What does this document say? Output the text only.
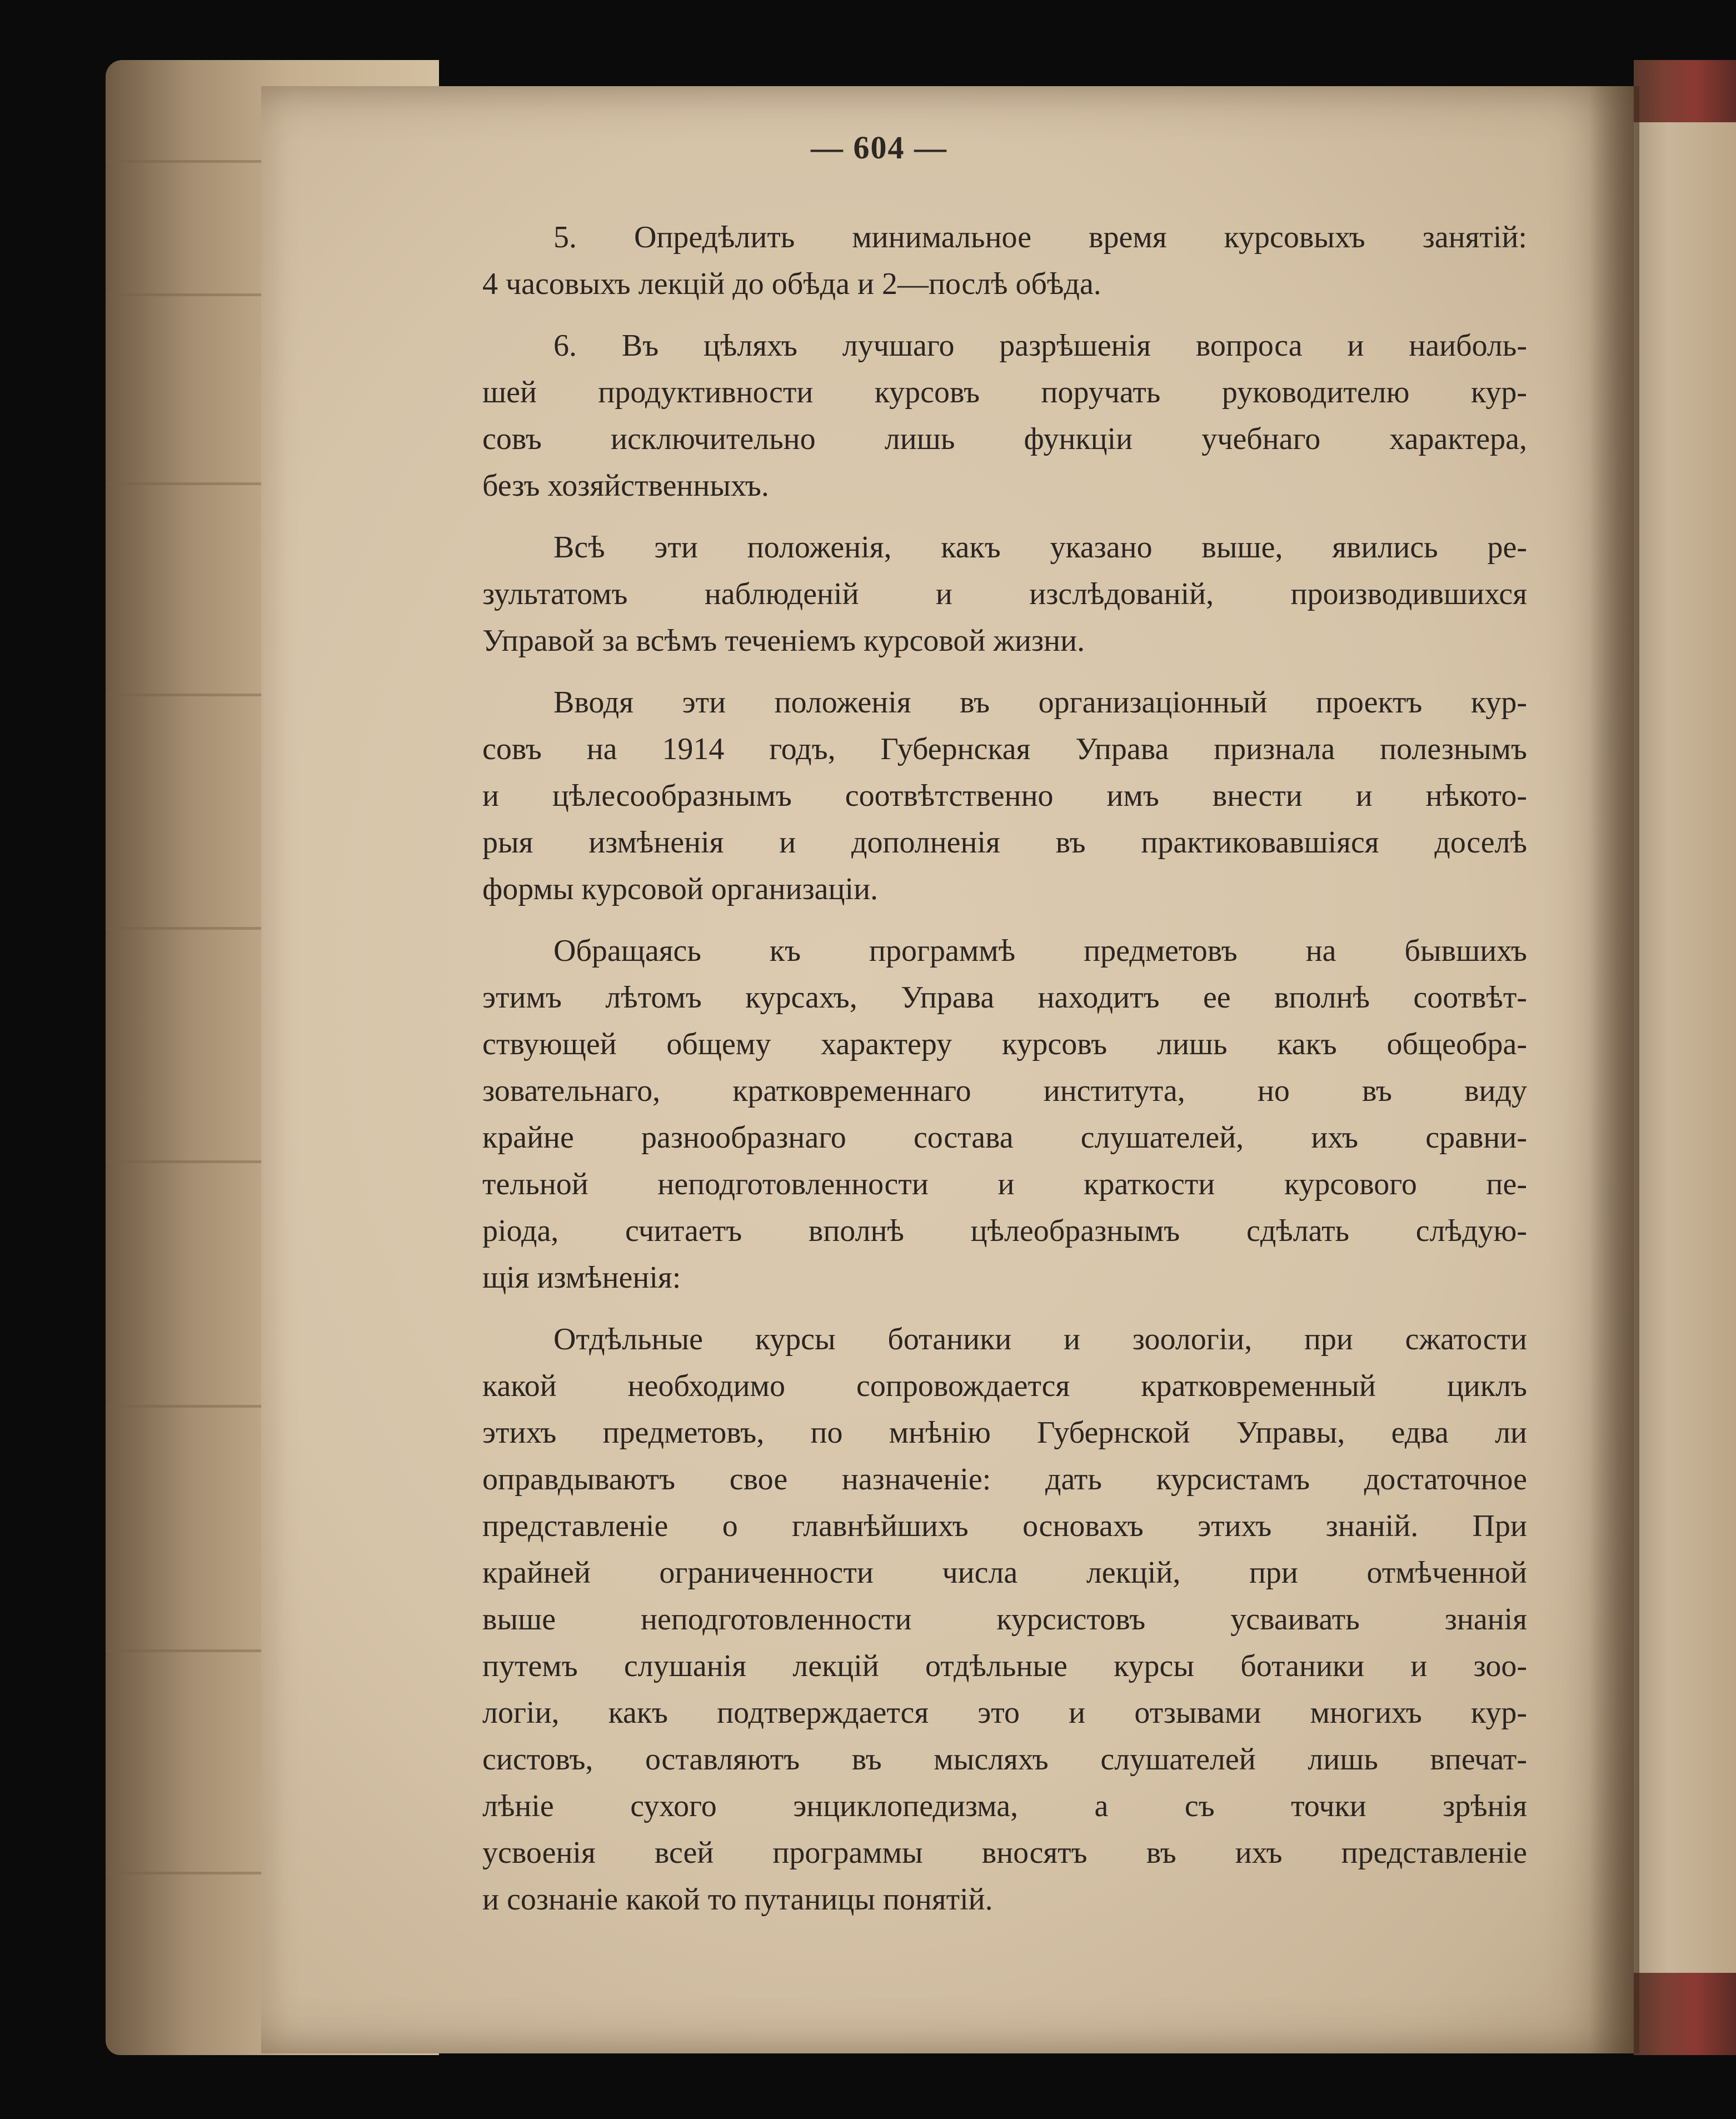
— 604 —

5. Опредѣлить минимальное время курсовыхъ занятій:
4 часовыхъ лекцій до обѣда и 2—послѣ обѣда.

6. Въ цѣляхъ лучшаго разрѣшенія вопроса и наиболь-
шей продуктивности курсовъ поручать руководителю кур-
совъ исключительно лишь функціи учебнаго характера,
безъ хозяйственныхъ.

Всѣ эти положенія, какъ указано выше, явились ре-
зультатомъ наблюденій и изслѣдованій, производившихся
Управой за всѣмъ теченіемъ курсовой жизни.

Вводя эти положенія въ организаціонный проектъ кур-
совъ на 1914 годъ, Губернская Управа признала полезнымъ
и цѣлесообразнымъ соотвѣтственно имъ внести и нѣкото-
рыя измѣненія и дополненія въ практиковавшіяся доселѣ
формы курсовой организаціи.

Обращаясь къ программѣ предметовъ на бывшихъ
этимъ лѣтомъ курсахъ, Управа находитъ ее вполнѣ соотвѣт-
ствующей общему характеру курсовъ лишь какъ общеобра-
зовательнаго, кратковременнаго института, но въ виду
крайне разнообразнаго состава слушателей, ихъ сравни-
тельной неподготовленности и краткости курсового пе-
ріода, считаетъ вполнѣ цѣлеобразнымъ сдѣлать слѣдую-
щія измѣненія:

Отдѣльные курсы ботаники и зоологіи, при сжатости
какой необходимо сопровождается кратковременный циклъ
этихъ предметовъ, по мнѣнію Губернской Управы, едва ли
оправдываютъ свое назначеніе: дать курсистамъ достаточное
представленіе о главнѣйшихъ основахъ этихъ знаній. При
крайней ограниченности числа лекцій, при отмѣченной
выше неподготовленности курсистовъ усваивать знанія
путемъ слушанія лекцій отдѣльные курсы ботаники и зоо-
логіи, какъ подтверждается это и отзывами многихъ кур-
систовъ, оставляютъ въ мысляхъ слушателей лишь впечат-
лѣніе сухого энциклопедизма, а съ точки зрѣнія
усвоенія всей программы вносятъ въ ихъ представленіе
и сознаніе какой то путаницы понятій.
